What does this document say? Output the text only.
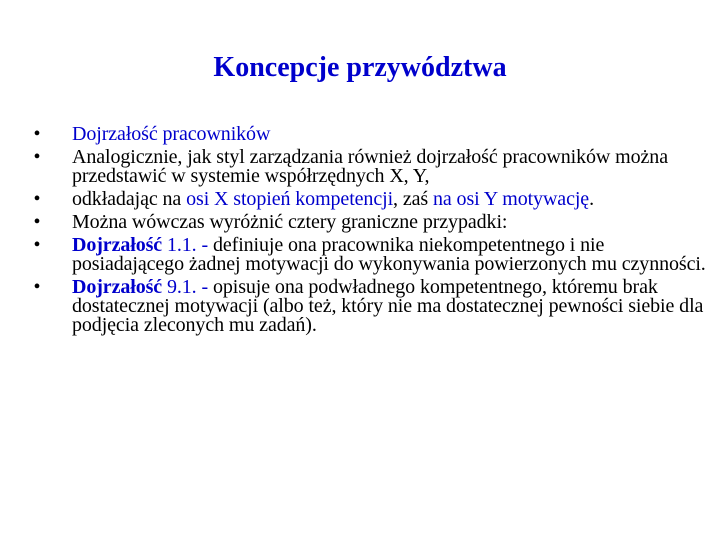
Koncepcje przywództwa
• Dojrzałość pracowników
• Analogicznie, jak styl zarządzania również dojrzałość pracowników można przedstawić w systemie współrzędnych X, Y,
• odkładając na osi X stopień kompetencji, zaś na osi Y motywację.
• Można wówczas wyróżnić cztery graniczne przypadki:
• Dojrzałość 1.1. - definiuje ona pracownika niekompetentnego i nie posiadającego żadnej motywacji do wykonywania powierzonych mu czynności.
• Dojrzałość 9.1. - opisuje ona podwładnego kompetentnego, któremu brak dostatecznej motywacji (albo też, który nie ma dostatecznej pewności siebie dla podjęcia zleconych mu zadań).
